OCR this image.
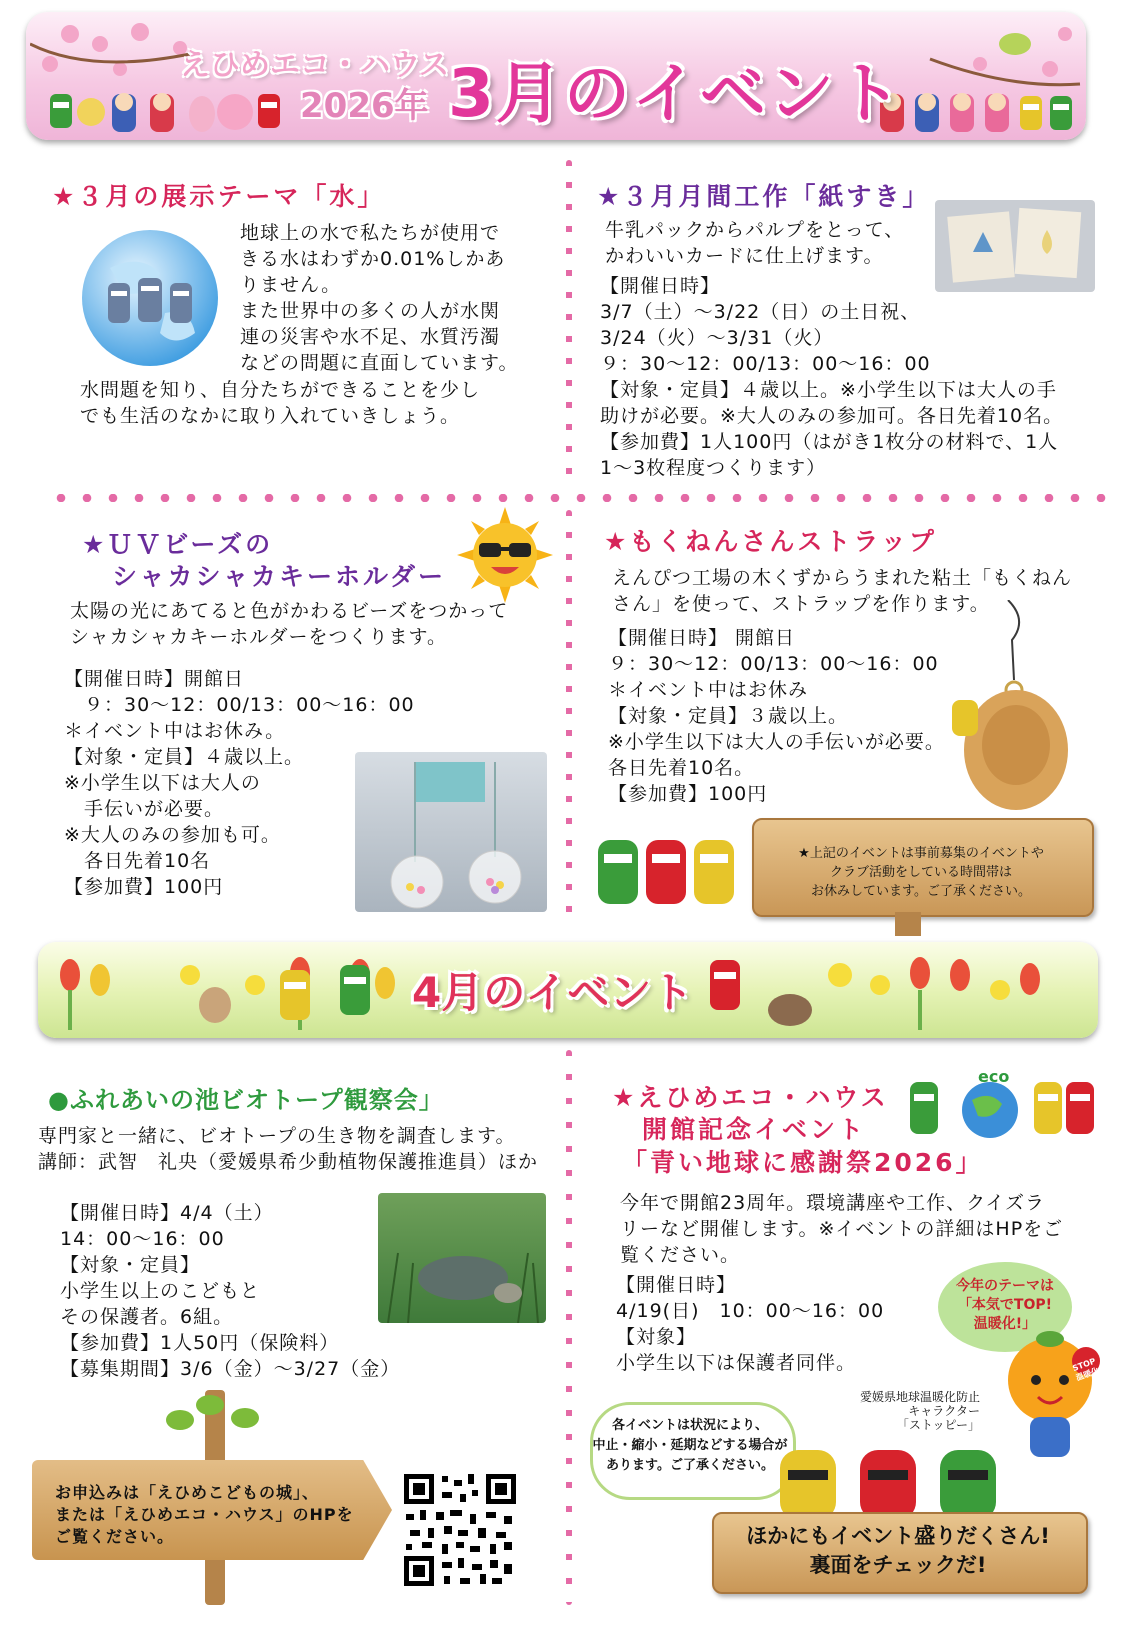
えひめエコ・ハウス
2026年 3月のイベント
★３月の展示テーマ「水」
地球上の水で私たちが使用で
きる水はわずか0.01%しかあ
りません。
また世界中の多くの人が水関
連の災害や水不足、水質汚濁
などの問題に直面しています。
水問題を知り、自分たちができることを少し
でも生活のなかに取り入れていきしょう。
★３月月間工作「紙すき」
牛乳パックからパルプをとって、
かわいいカードに仕上げます。
【開催日時】
3/7（土）～3/22（日）の土日祝、
3/24（火）～3/31（火）
９：30～12：00/13：00～16：00
【対象・定員】４歳以上。※小学生以下は大人の手
助けが必要。※大人のみの参加可。各日先着10名。
【参加費】1人100円（はがき1枚分の材料で、1人
1～3枚程度つくります）
★ＵＶビーズの
シャカシャカキーホルダー
太陽の光にあてると色がかわるビーズをつかって
シャカシャカキーホルダーをつくります。
【開催日時】開館日
　９：30～12：00/13：00～16：00
＊イベント中はお休み。
【対象・定員】４歳以上。
※小学生以下は大人の
　手伝いが必要。
※大人のみの参加も可。
　各日先着10名
【参加費】100円
★もくねんさんストラップ
えんぴつ工場の木くずからうまれた粘土「もくねん
さん」を使って、ストラップを作ります。
【開催日時】 開館日
９：30～12：00/13：00～16：00
＊イベント中はお休み
【対象・定員】３歳以上。
※小学生以下は大人の手伝いが必要。
各日先着10名。
【参加費】100円
★上記のイベントは事前募集のイベントや
クラブ活動をしている時間帯は
お休みしています。ご了承ください。
4月のイベント
●ふれあいの池ビオトープ観察会」
専門家と一緒に、ビオトープの生き物を調査します。
講師：武智　礼央（愛媛県希少動植物保護推進員）ほか
【開催日時】4/4（土）
14：00～16：00
【対象・定員】
小学生以上のこどもと
その保護者。6組。
【参加費】1人50円（保険料）
【募集期間】3/6（金）～3/27（金）
お申込みは「えひめこどもの城」、
または「えひめエコ・ハウス」のHPを
ご覧ください。
★えひめエコ・ハウス
開館記念イベント
「青い地球に感謝祭2026」
eco
今年で開館23周年。環境講座や工作、クイズラ
リーなど開催します。※イベントの詳細はHPをご
覧ください。
【開催日時】
4/19(日)　10：00～16：00
【対象】
小学生以下は保護者同伴。
今年のテーマは
「本気でTOP!
温暖化!」
STOP温暖化
愛媛県地球温暖化防止
キャラクター
「ストッピー」
各イベントは状況により、
中止・縮小・延期などする場合が
あります。ご了承ください。
ほかにもイベント盛りだくさん!
裏面をチェックだ!
